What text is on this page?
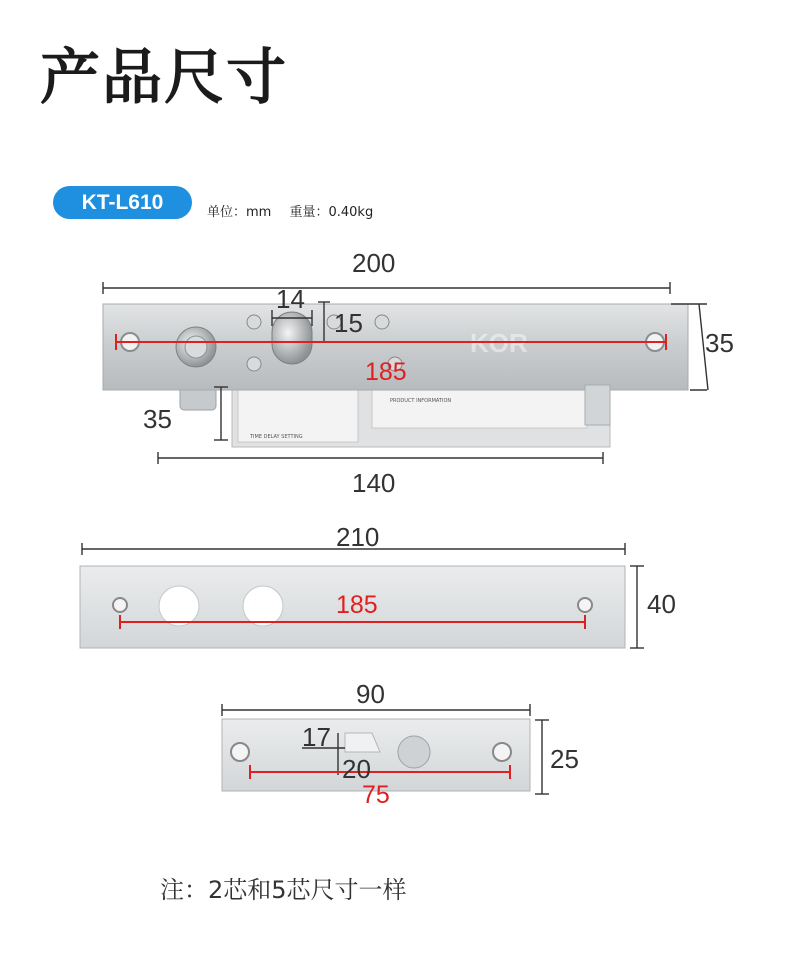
产品尺寸
KT-L610	单位：mm 重量：0.40kg
PRODUCT INFORMATION
TIME DELAY SETTING
KOR
200
35
14
15
185
35
140
210
40
185
90
25
17
20
75
注：2芯和5芯尺寸一样
